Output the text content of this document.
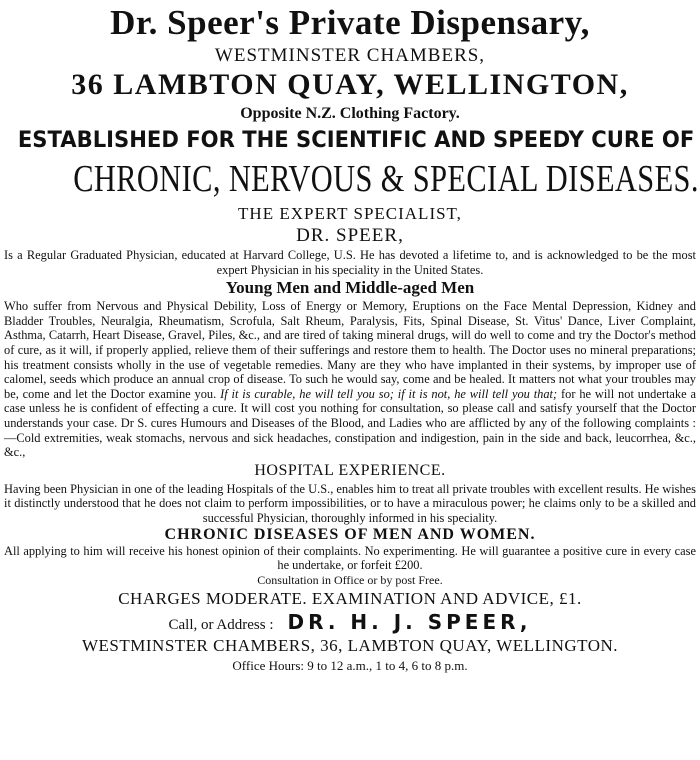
Dr. Speer's Private Dispensary,

WESTMINSTER CHAMBERS,

36 LAMBTON QUAY, WELLINGTON,

Opposite N.Z. Clothing Factory.

ESTABLISHED FOR THE SCIENTIFIC AND SPEEDY CURE OF

CHRONIC, NERVOUS & SPECIAL DISEASES.

THE EXPERT SPECIALIST,

DR. SPEER,

Is a Regular Graduated Physician, educated at Harvard College, U.S. He has devoted a lifetime to, and is acknowledged to be the most expert Physician in his speciality in the United States.

Young Men and Middle-aged Men

Who suffer from Nervous and Physical Debility, Loss of Energy or Memory, Eruptions on the Face Mental Depression, Kidney and Bladder Troubles, Neuralgia, Rheumatism, Scrofula, Salt Rheum, Paralysis, Fits, Spinal Disease, St. Vitus' Dance, Liver Complaint, Asthma, Catarrh, Heart Disease, Gravel, Piles, &c., and are tired of taking mineral drugs, will do well to come and try the Doctor's method of cure, as it will, if properly applied, relieve them of their sufferings and restore them to health. The Doctor uses no mineral preparations; his treatment consists wholly in the use of vegetable remedies. Many are they who have implanted in their systems, by improper use of calomel, seeds which produce an annual crop of disease. To such he would say, come and be healed. It matters not what your troubles may be, come and let the Doctor examine you. If it is curable, he will tell you so; if it is not, he will tell you that; for he will not undertake a case unless he is confident of effecting a cure. It will cost you nothing for consultation, so please call and satisfy yourself that the Doctor understands your case. Dr S. cures Humours and Diseases of the Blood, and Ladies who are afflicted by any of the following complaints :—Cold extremities, weak stomachs, nervous and sick headaches, constipation and indigestion, pain in the side and back, leucorrhea, &c., &c.,

HOSPITAL EXPERIENCE.

Having been Physician in one of the leading Hospitals of the U.S., enables him to treat all private troubles with excellent results. He wishes it distinctly understood that he does not claim to perform impossibilities, or to have a miraculous power; he claims only to be a skilled and successful Physician, thoroughly informed in his speciality.

CHRONIC DISEASES OF MEN AND WOMEN.

All applying to him will receive his honest opinion of their complaints. No experimenting. He will guarantee a positive cure in every case he undertake, or forfeit £200.

Consultation in Office or by post Free.

CHARGES MODERATE. EXAMINATION AND ADVICE, £1.

Call, or Address : DR. H. J. SPEER,

WESTMINSTER CHAMBERS, 36, LAMBTON QUAY, WELLINGTON.

Office Hours: 9 to 12 a.m., 1 to 4, 6 to 8 p.m.
